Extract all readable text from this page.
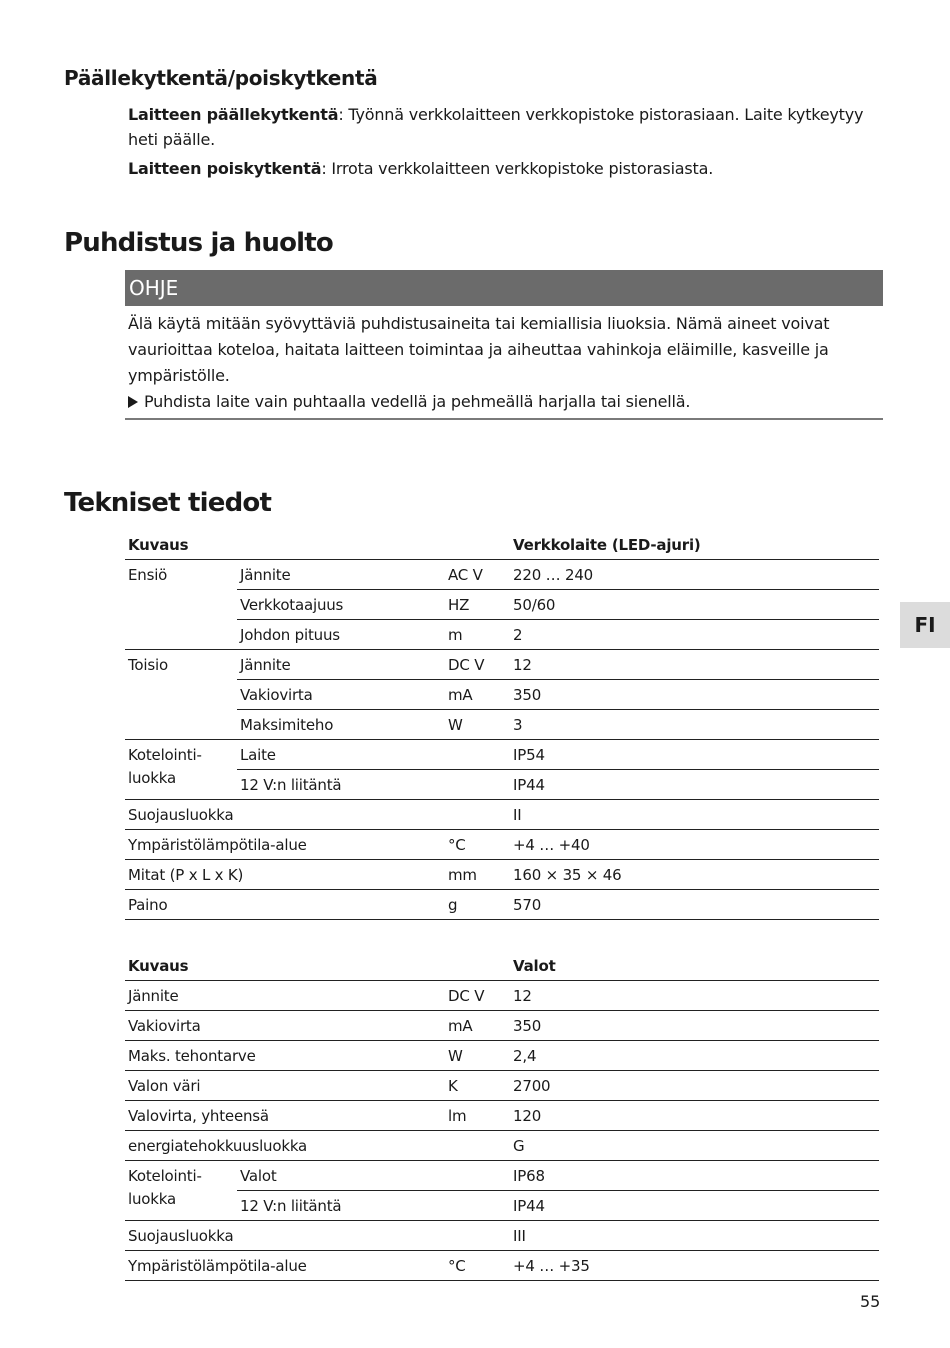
Päällekytkentä/poiskytkentä
Laitteen päällekytkentä: Työnnä verkkolaitteen verkkopistoke pistorasiaan. Laite kytkeytyy heti päälle.
Laitteen poiskytkentä: Irrota verkkolaitteen verkkopistoke pistorasiasta.
Puhdistus ja huolto
OHJE
Älä käytä mitään syövyttäviä puhdistusaineita tai kemiallisia liuoksia. Nämä aineet voivat vaurioittaa koteloa, haitata laitteen toimintaa ja aiheuttaa vahinkoja eläimille, kasveille ja ympäristölle.
Puhdista laite vain puhtaalla vedellä ja pehmeällä harjalla tai sienellä.
Tekniset tiedot
Kuvaus			Verkkolaite (LED-ajuri)
Ensiö	Jännite	AC V	220 … 240
	Verkkotaajuus	HZ	50/60
	Johdon pituus	m	2
Toisio	Jännite	DC V	12
	Vakiovirta	mA	350
	Maksimiteho	W	3
Kotelointi-luokka	Laite		IP54
	12 V:n liitäntä		IP44
Suojausluokka			II
Ympäristölämpötila-alue		°C	+4 … +40
Mitat (P x L x K)		mm	160 × 35 × 46
Paino		g	570
Kuvaus			Valot
Jännite		DC V	12
Vakiovirta		mA	350
Maks. tehontarve		W	2,4
Valon väri		K	2700
Valovirta, yhteensä		lm	120
energiatehokkuusluokka			G
Kotelointi-luokka	Valot		IP68
	12 V:n liitäntä		IP44
Suojausluokka			III
Ympäristölämpötila-alue		°C	+4 … +35
FI
55
